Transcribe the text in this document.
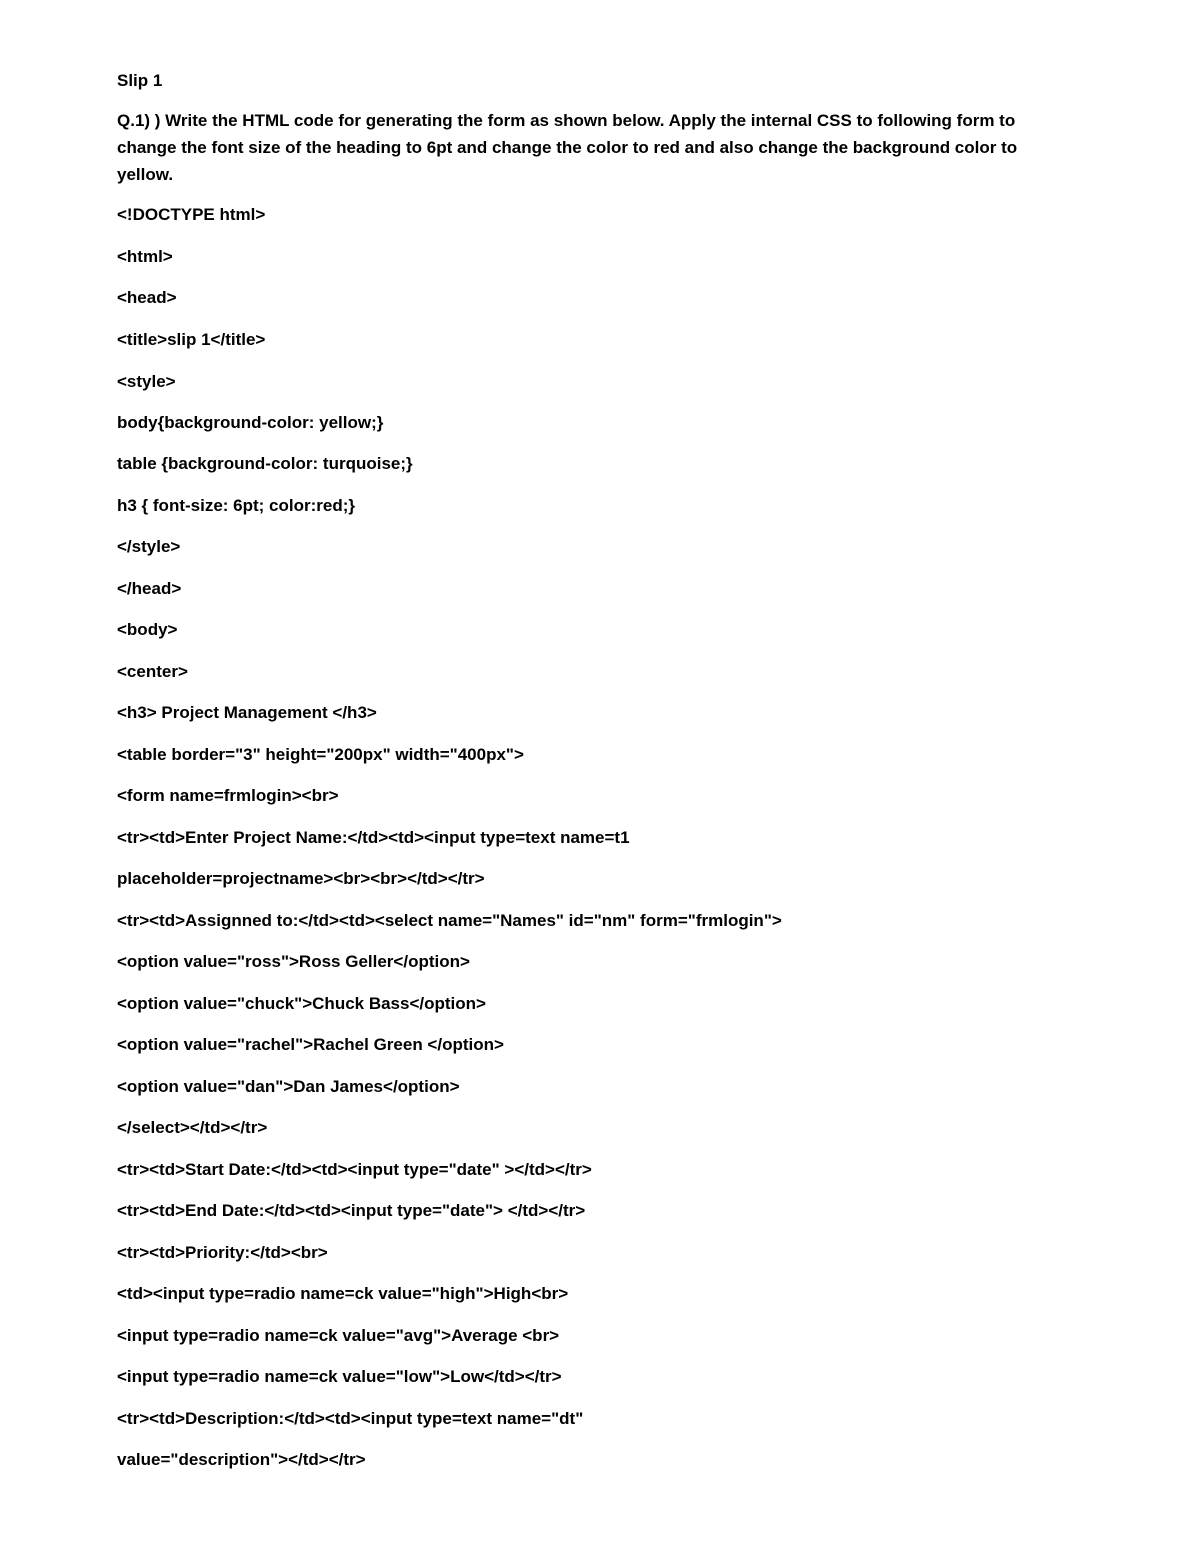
Slip 1
Q.1) ) Write the HTML code for generating the form as shown below. Apply the internal CSS to following form to change the font size of the heading to 6pt and change the color to red and also change the background color to yellow.
<!DOCTYPE html>
<html>
<head>
<title>slip 1</title>
<style>
body{background-color: yellow;}
table {background-color: turquoise;}
h3 { font-size: 6pt; color:red;}
</style>
</head>
<body>
<center>
<h3> Project Management </h3>
<table border="3" height="200px" width="400px">
<form name=frmlogin><br>
<tr><td>Enter Project Name:</td><td><input type=text name=t1
placeholder=projectname><br><br></td></tr>
<tr><td>Assignned to:</td><td><select name="Names" id="nm" form="frmlogin">
<option value="ross">Ross Geller</option>
<option value="chuck">Chuck Bass</option>
<option value="rachel">Rachel Green </option>
<option value="dan">Dan James</option>
</select></td></tr>
<tr><td>Start Date:</td><td><input type="date" ></td></tr>
<tr><td>End Date:</td><td><input type="date"> </td></tr>
<tr><td>Priority:</td><br>
<td><input type=radio name=ck value="high">High<br>
<input type=radio name=ck value="avg">Average <br>
<input type=radio name=ck value="low">Low</td></tr>
<tr><td>Description:</td><td><input type=text name="dt"
value="description"></td></tr>
